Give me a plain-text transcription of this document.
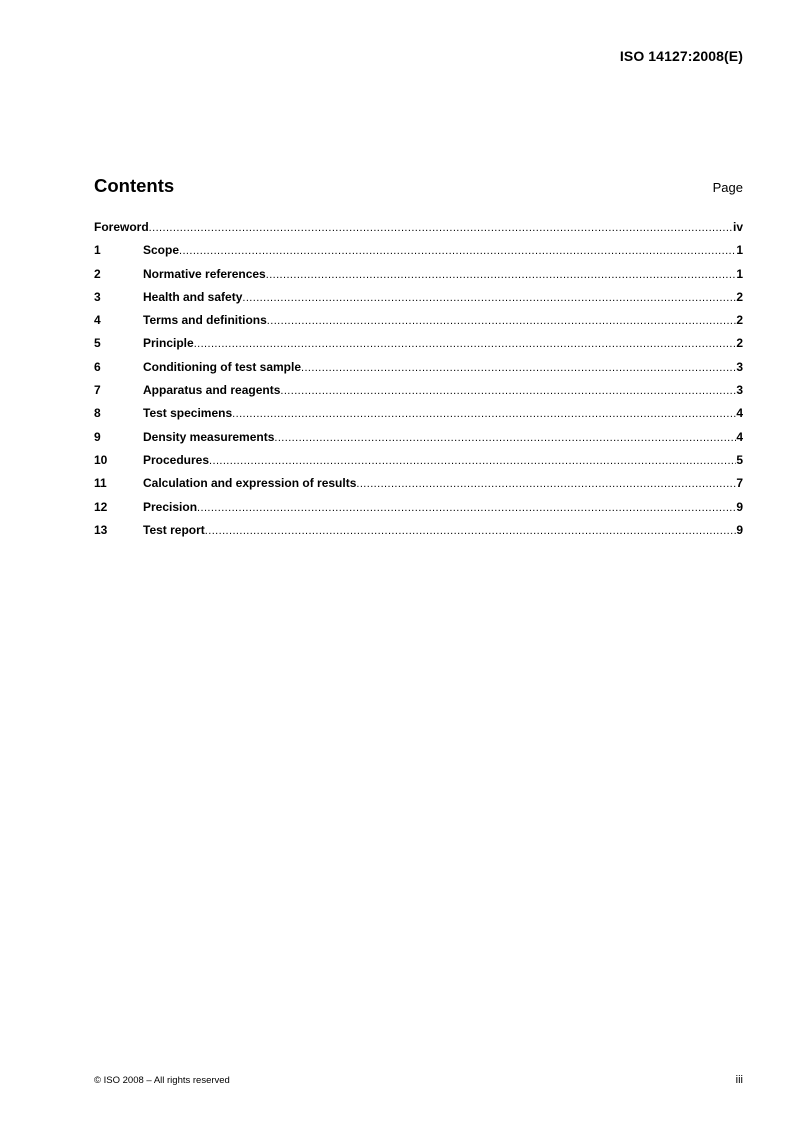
ISO 14127:2008(E)
Contents	Page
Foreword .....	iv
1	Scope .....	1
2	Normative references .....	1
3	Health and safety .....	2
4	Terms and definitions .....	2
5	Principle .....	2
6	Conditioning of test sample .....	3
7	Apparatus and reagents .....	3
8	Test specimens .....	4
9	Density measurements .....	4
10	Procedures .....	5
11	Calculation and expression of results .....	7
12	Precision .....	9
13	Test report .....	9
© ISO 2008 – All rights reserved	iii
